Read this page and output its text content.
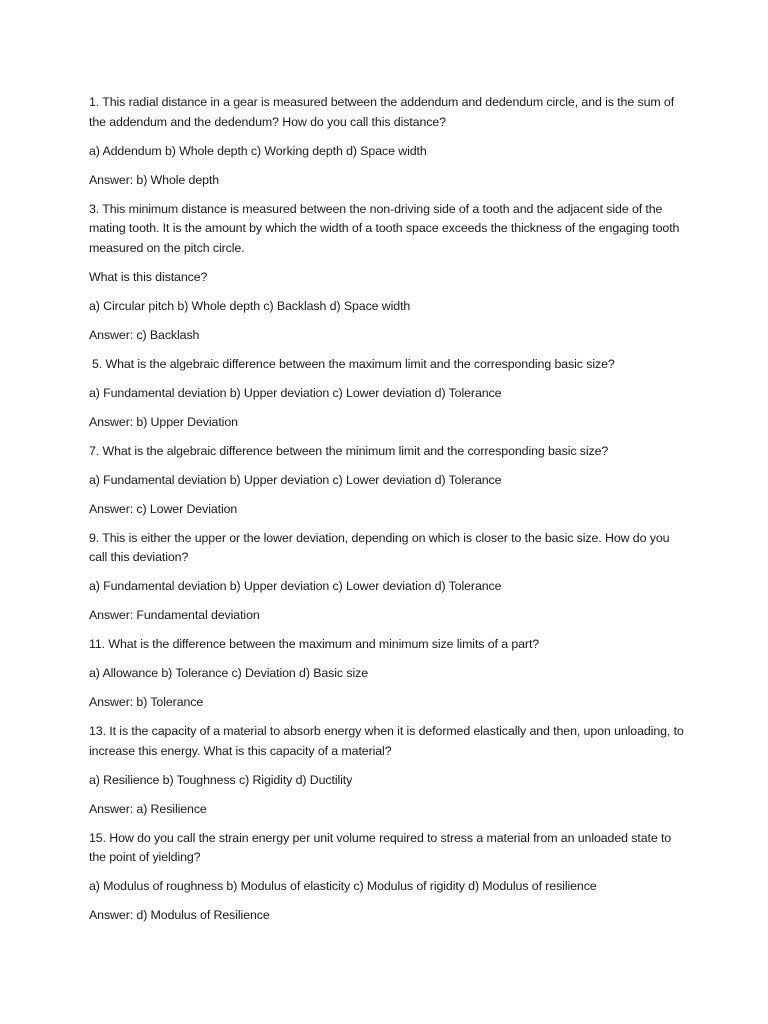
1. This radial distance in a gear is measured between the addendum and dedendum circle, and is the sum of the addendum and the dedendum? How do you call this distance?

a) Addendum b) Whole depth c) Working depth d) Space width

Answer: b) Whole depth

3. This minimum distance is measured between the non-driving side of a tooth and the adjacent side of the mating tooth. It is the amount by which the width of a tooth space exceeds the thickness of the engaging tooth measured on the pitch circle.

What is this distance?

a) Circular pitch b) Whole depth c) Backlash d) Space width

Answer: c) Backlash

5. What is the algebraic difference between the maximum limit and the corresponding basic size?

a) Fundamental deviation b) Upper deviation c) Lower deviation d) Tolerance

Answer: b) Upper Deviation

7. What is the algebraic difference between the minimum limit and the corresponding basic size?

a) Fundamental deviation b) Upper deviation c) Lower deviation d) Tolerance

Answer: c) Lower Deviation

9. This is either the upper or the lower deviation, depending on which is closer to the basic size. How do you call this deviation?

a) Fundamental deviation b) Upper deviation c) Lower deviation d) Tolerance

Answer: Fundamental deviation

11. What is the difference between the maximum and minimum size limits of a part?

a) Allowance b) Tolerance c) Deviation d) Basic size

Answer: b) Tolerance

13. It is the capacity of a material to absorb energy when it is deformed elastically and then, upon unloading, to increase this energy. What is this capacity of a material?

a) Resilience b) Toughness c) Rigidity d) Ductility

Answer: a) Resilience

15. How do you call the strain energy per unit volume required to stress a material from an unloaded state to the point of yielding?

a) Modulus of roughness b) Modulus of elasticity c) Modulus of rigidity d) Modulus of resilience

Answer: d) Modulus of Resilience
